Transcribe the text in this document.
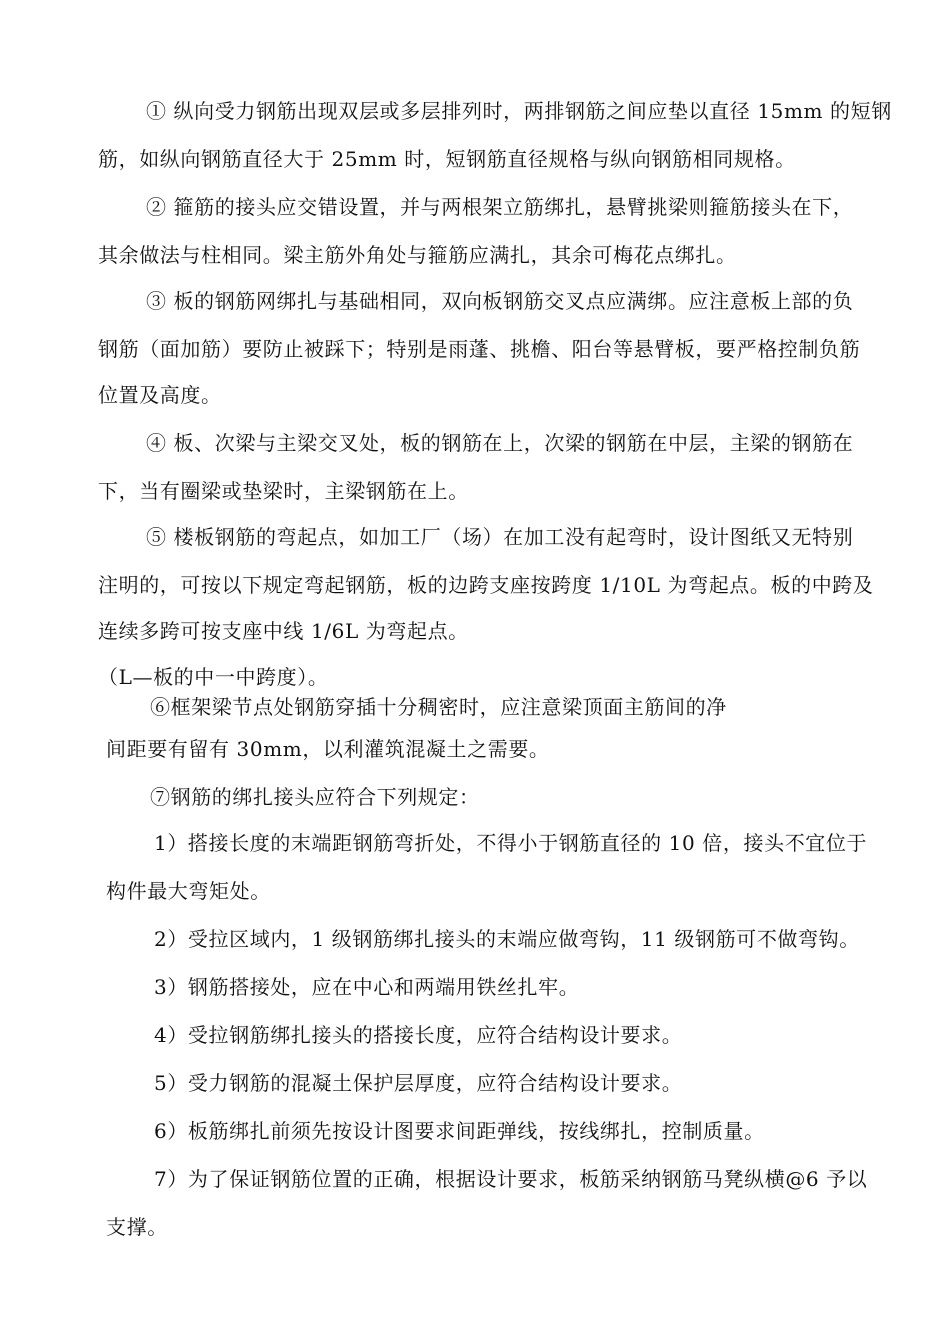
① 纵向受力钢筋出现双层或多层排列时，两排钢筋之间应垫以直径 15mm 的短钢
筋，如纵向钢筋直径大于 25mm 时，短钢筋直径规格与纵向钢筋相同规格。
② 箍筋的接头应交错设置，并与两根架立筋绑扎，悬臂挑梁则箍筋接头在下，
其余做法与柱相同。梁主筋外角处与箍筋应满扎，其余可梅花点绑扎。
③ 板的钢筋网绑扎与基础相同，双向板钢筋交叉点应满绑。应注意板上部的负
钢筋（面加筋）要防止被踩下；特别是雨蓬、挑檐、阳台等悬臂板，要严格控制负筋
位置及高度。
④ 板、次梁与主梁交叉处，板的钢筋在上，次梁的钢筋在中层，主梁的钢筋在
下，当有圈梁或垫梁时，主梁钢筋在上。
⑤ 楼板钢筋的弯起点，如加工厂（场）在加工没有起弯时，设计图纸又无特别
注明的，可按以下规定弯起钢筋，板的边跨支座按跨度 1/10L 为弯起点。板的中跨及
连续多跨可按支座中线 1/6L 为弯起点。
（L—板的中一中跨度）。
⑥框架梁节点处钢筋穿插十分稠密时，应注意梁顶面主筋间的净
间距要有留有 30mm，以利灌筑混凝土之需要。
⑦钢筋的绑扎接头应符合下列规定：
1）搭接长度的末端距钢筋弯折处，不得小于钢筋直径的 10 倍，接头不宜位于
构件最大弯矩处。
2）受拉区域内，1 级钢筋绑扎接头的末端应做弯钩，11 级钢筋可不做弯钩。
3）钢筋搭接处，应在中心和两端用铁丝扎牢。
4）受拉钢筋绑扎接头的搭接长度，应符合结构设计要求。
5）受力钢筋的混凝土保护层厚度，应符合结构设计要求。
6）板筋绑扎前须先按设计图要求间距弹线，按线绑扎，控制质量。
7）为了保证钢筋位置的正确，根据设计要求，板筋采纳钢筋马凳纵横@6 予以
支撑。
